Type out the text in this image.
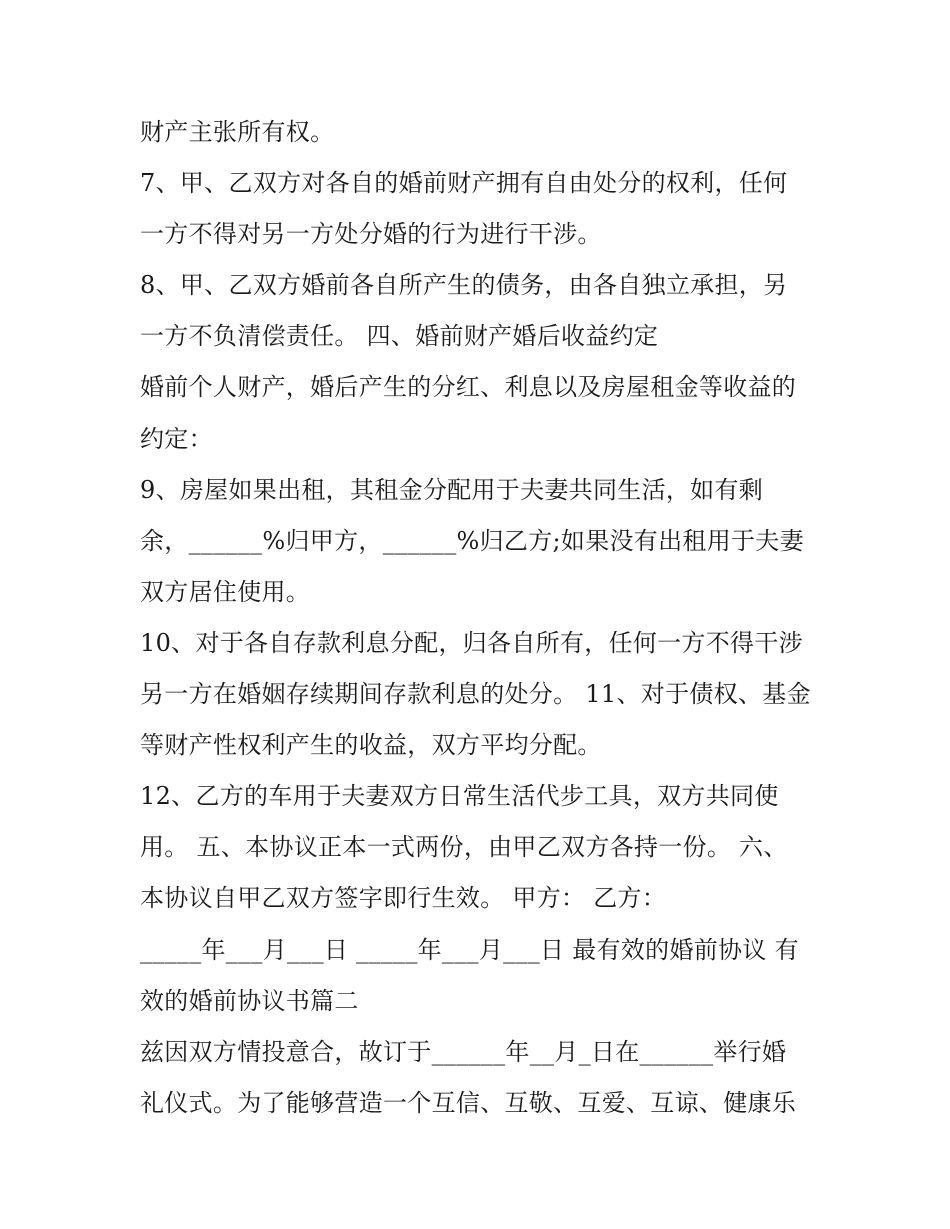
财产主张所有权。
7、甲、乙双方对各自的婚前财产拥有自由处分的权利，任何
一方不得对另一方处分婚的行为进行干涉。
8、甲、乙双方婚前各自所产生的债务，由各自独立承担，另
一方不负清偿责任。 四、婚前财产婚后收益约定
婚前个人财产，婚后产生的分红、利息以及房屋租金等收益的
约定：
9、房屋如果出租，其租金分配用于夫妻共同生活，如有剩
余，______%归甲方，______%归乙方;如果没有出租用于夫妻
双方居住使用。
10、对于各自存款利息分配，归各自所有，任何一方不得干涉
另一方在婚姻存续期间存款利息的处分。 11、对于债权、基金
等财产性权利产生的收益，双方平均分配。
12、乙方的车用于夫妻双方日常生活代步工具，双方共同使
用。 五、本协议正本一式两份，由甲乙双方各持一份。 六、
本协议自甲乙双方签字即行生效。 甲方： 乙方：
_____年___月___日 _____年___月___日 最有效的婚前协议 有
效的婚前协议书篇二
兹因双方情投意合，故订于______年__月_日在______举行婚
礼仪式。为了能够营造一个互信、互敬、互爱、互谅、健康乐
